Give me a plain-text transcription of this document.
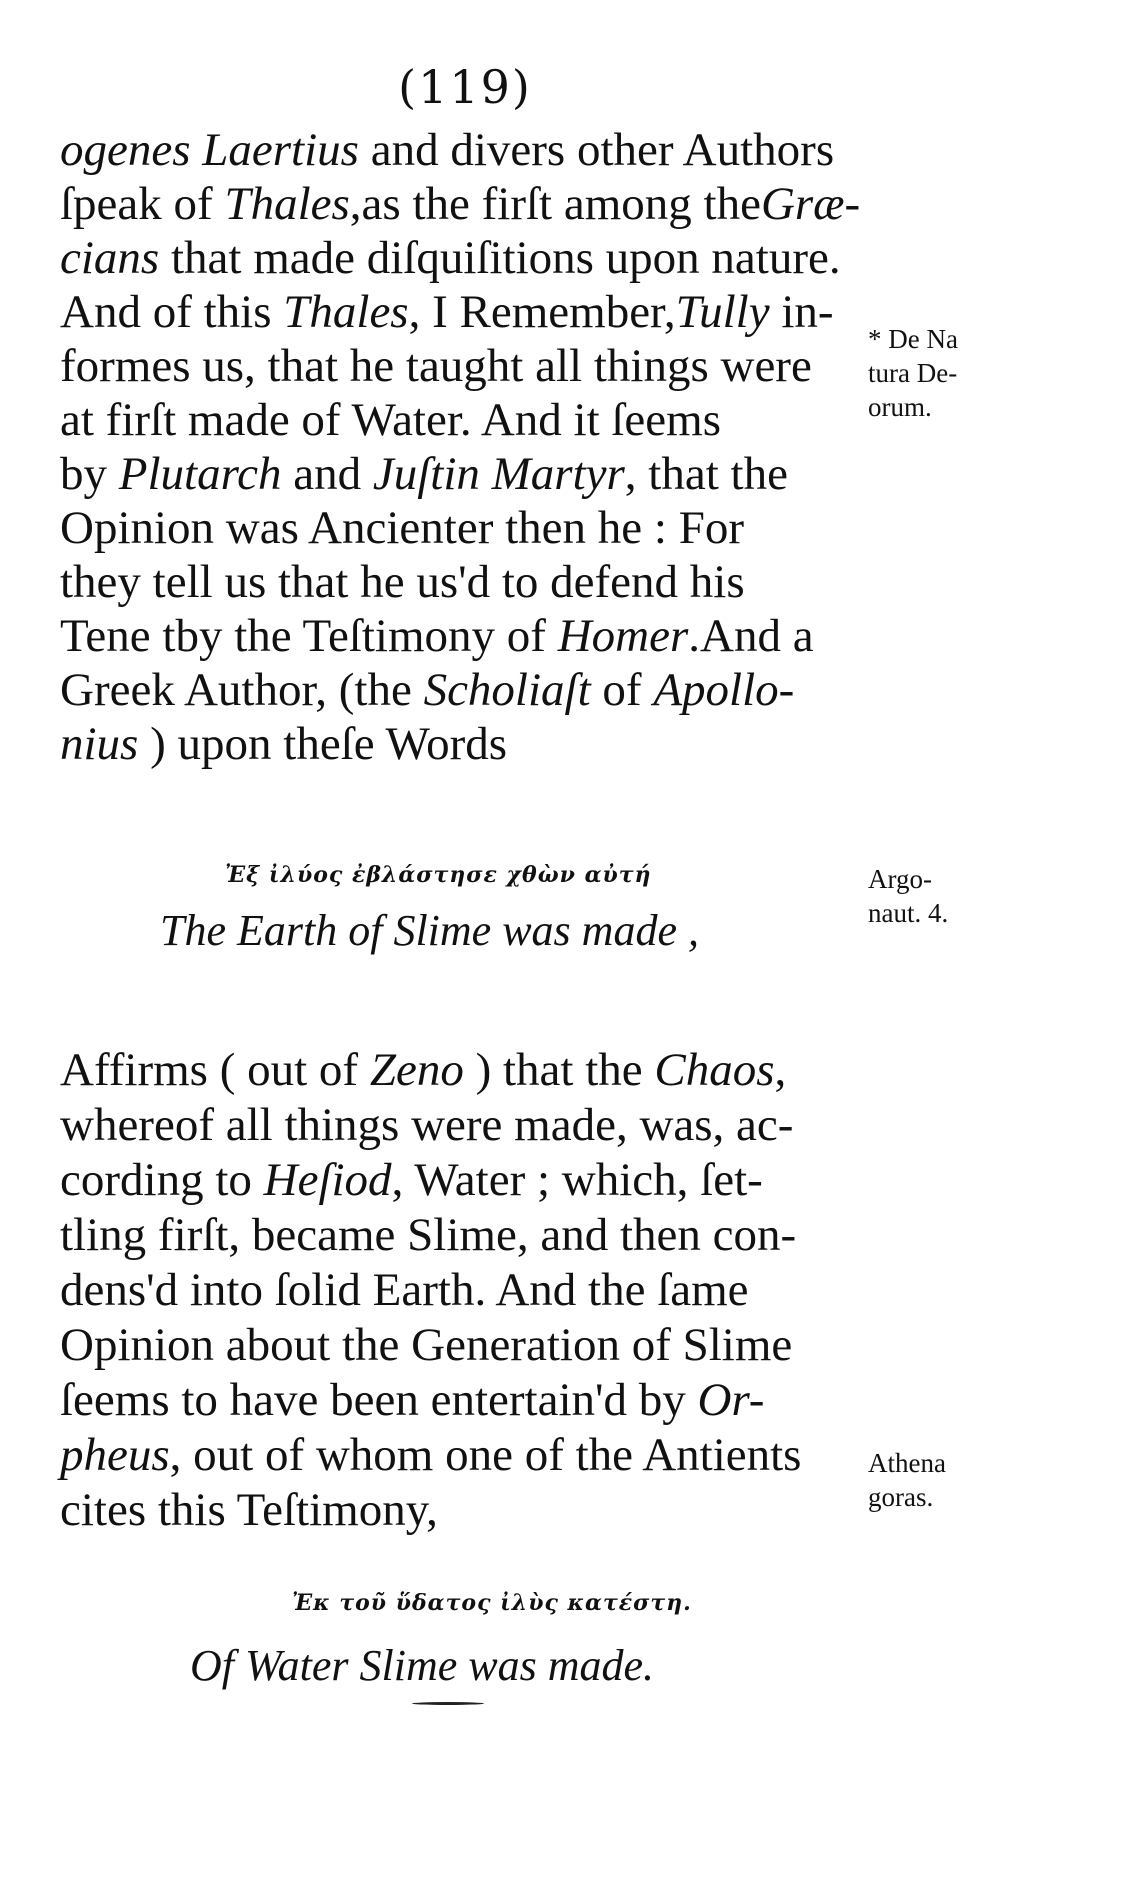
(119)
ogenes Laertius and divers other Authors
ſpeak of Thales,as the firſt among theGræ-
cians that made diſquiſitions upon nature.
And of this Thales, I Remember,Tully in-
formes us, that he taught all things were
at firſt made of Water. And it ſeems
by Plutarch and Juſtin Martyr, that the
Opinion was Ancienter then he : For
they tell us that he us'd to defend his
Tene tby the Teſtimony of Homer.And a
Greek Author, (the Scholiaſt of Apollo-
nius ) upon theſe Words
* De Na
tura De-
orum.
Ἐξ ἰλύος ἐβλάστησε χθὼν αὐτή
The Earth of Slime was made ,
Argo-
naut. 4.
Affirms ( out of Zeno ) that the Chaos,
whereof all things were made, was, ac-
cording to Heſiod, Water ; which, ſet-
tling firſt, became Slime, and then con-
dens'd into ſolid Earth. And the ſame
Opinion about the Generation of Slime
ſeems to have been entertain'd by Or-
pheus, out of whom one of the Antients
cites this Teſtimony,
Athena
goras.
Ἐκ τοῦ ὕδατος ἰλὺς κατέστη.
Of Water Slime was made.
